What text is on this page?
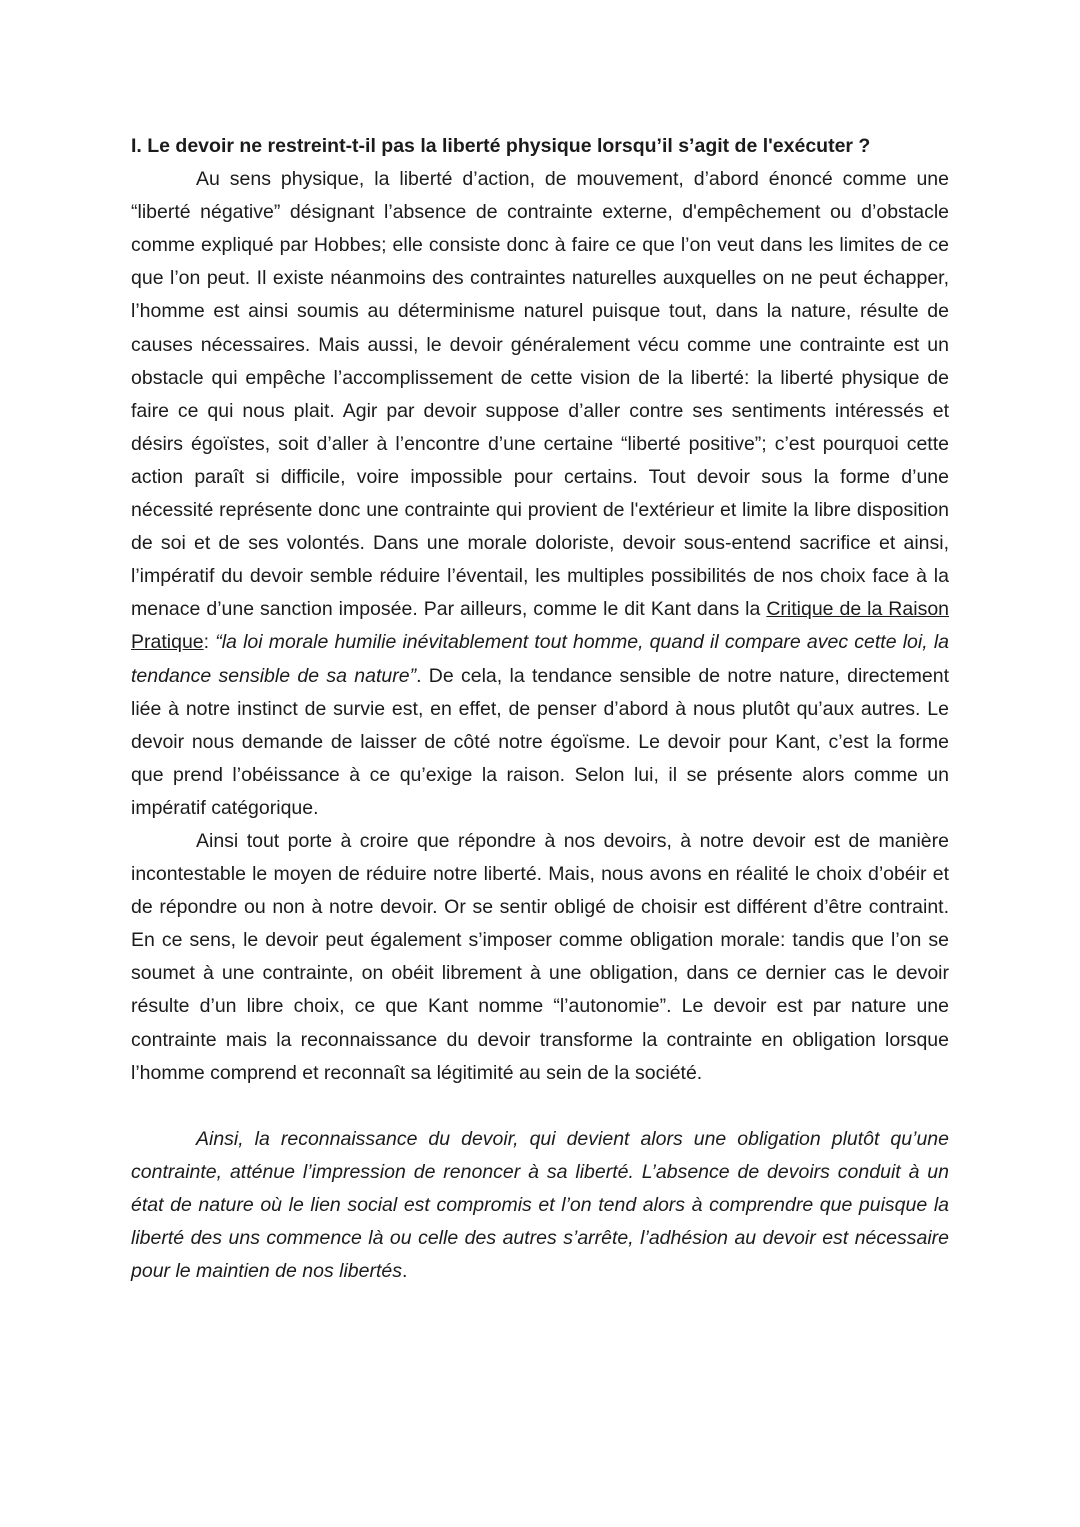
I. Le devoir ne restreint-t-il pas la liberté physique lorsqu’il s’agit de l'exécuter ?

Au sens physique, la liberté d’action, de mouvement, d’abord énoncé comme une “liberté négative” désignant l’absence de contrainte externe, d'empêchement ou d’obstacle comme expliqué par Hobbes; elle consiste donc à faire ce que l’on veut dans les limites de ce que l’on peut. Il existe néanmoins des contraintes naturelles auxquelles on ne peut échapper, l’homme est ainsi soumis au déterminisme naturel puisque tout, dans la nature, résulte de causes nécessaires. Mais aussi, le devoir généralement vécu comme une contrainte est un obstacle qui empêche l’accomplissement de cette vision de la liberté: la liberté physique de faire ce qui nous plait. Agir par devoir suppose d’aller contre ses sentiments intéressés et désirs égoïstes, soit d’aller à l’encontre d’une certaine “liberté positive”; c’est pourquoi cette action paraît si difficile, voire impossible pour certains. Tout devoir sous la forme d’une nécessité représente donc une contrainte qui provient de l'extérieur et limite la libre disposition de soi et de ses volontés. Dans une morale doloriste, devoir sous-entend sacrifice et ainsi, l’impératif du devoir semble réduire l’éventail, les multiples possibilités de nos choix face à la menace d’une sanction imposée. Par ailleurs, comme le dit Kant dans la Critique de la Raison Pratique: “la loi morale humilie inévitablement tout homme, quand il compare avec cette loi, la tendance sensible de sa nature”. De cela, la tendance sensible de notre nature, directement liée à notre instinct de survie est, en effet, de penser d’abord à nous plutôt qu’aux autres. Le devoir nous demande de laisser de côté notre égoïsme. Le devoir pour Kant, c’est la forme que prend l’obéissance à ce qu’exige la raison. Selon lui, il se présente alors comme un impératif catégorique.

Ainsi tout porte à croire que répondre à nos devoirs, à notre devoir est de manière incontestable le moyen de réduire notre liberté. Mais, nous avons en réalité le choix d’obéir et de répondre ou non à notre devoir. Or se sentir obligé de choisir est différent d’être contraint. En ce sens, le devoir peut également s’imposer comme obligation morale: tandis que l’on se soumet à une contrainte, on obéit librement à une obligation, dans ce dernier cas le devoir résulte d’un libre choix, ce que Kant nomme “l’autonomie”. Le devoir est par nature une contrainte mais la reconnaissance du devoir transforme la contrainte en obligation lorsque l’homme comprend et reconnaît sa légitimité au sein de la société.

Ainsi, la reconnaissance du devoir, qui devient alors une obligation plutôt qu’une contrainte, atténue l’impression de renoncer à sa liberté. L’absence de devoirs conduit à un état de nature où le lien social est compromis et l’on tend alors à comprendre que puisque la liberté des uns commence là ou celle des autres s’arrête, l’adhésion au devoir est nécessaire pour le maintien de nos libertés.
